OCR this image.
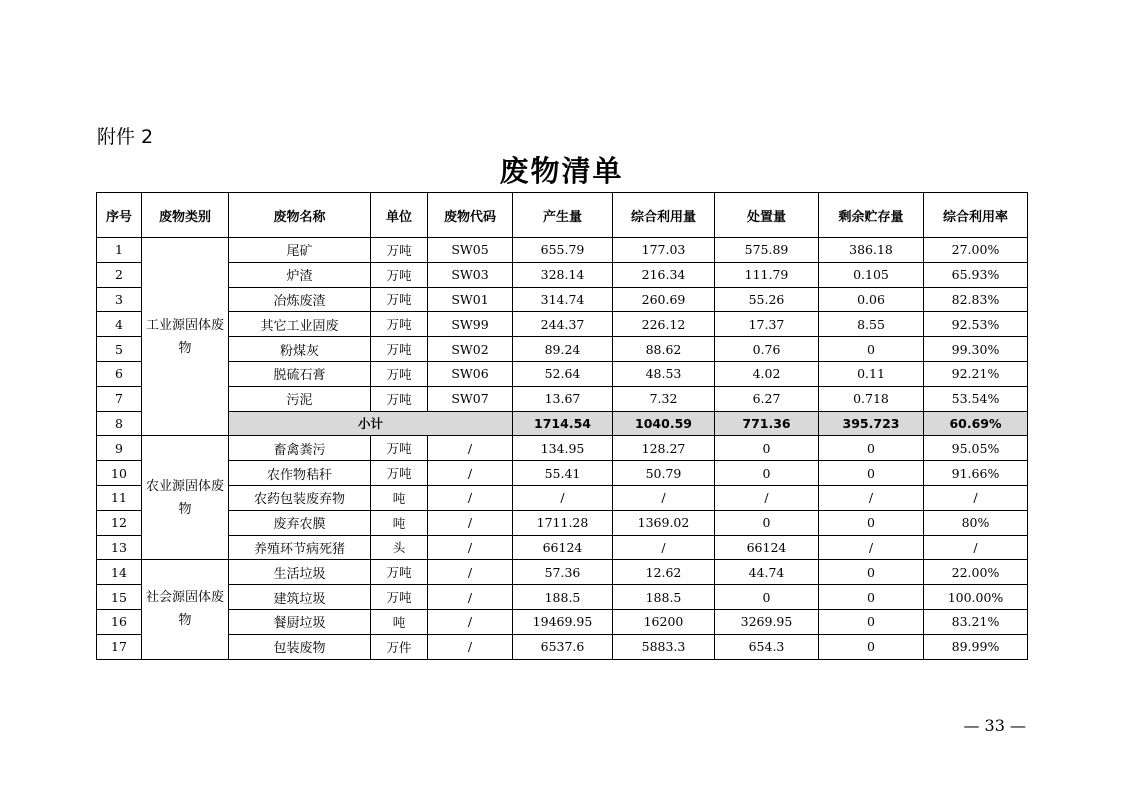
附件 2
废物清单
序号	废物类别	废物名称	单位	废物代码	产生量	综合利用量	处置量	剩余贮存量	综合利用率
1	工业源固体废物	尾矿	万吨	SW05	655.79	177.03	575.89	386.18	27.00%
2		炉渣	万吨	SW03	328.14	216.34	111.79	0.105	65.93%
3		冶炼废渣	万吨	SW01	314.74	260.69	55.26	0.06	82.83%
4		其它工业固废	万吨	SW99	244.37	226.12	17.37	8.55	92.53%
5		粉煤灰	万吨	SW02	89.24	88.62	0.76	0	99.30%
6		脱硫石膏	万吨	SW06	52.64	48.53	4.02	0.11	92.21%
7		污泥	万吨	SW07	13.67	7.32	6.27	0.718	53.54%
8		小计			1714.54	1040.59	771.36	395.723	60.69%
9	农业源固体废物	畜禽粪污	万吨	/	134.95	128.27	0	0	95.05%
10		农作物秸秆	万吨	/	55.41	50.79	0	0	91.66%
11		农药包装废弃物	吨	/	/	/	/	/	/
12		废弃农膜	吨	/	1711.28	1369.02	0	0	80%
13		养殖环节病死猪	头	/	66124	/	66124	/	/
14	社会源固体废物	生活垃圾	万吨	/	57.36	12.62	44.74	0	22.00%
15		建筑垃圾	万吨	/	188.5	188.5	0	0	100.00%
16		餐厨垃圾	吨	/	19469.95	16200	3269.95	0	83.21%
17		包装废物	万件	/	6537.6	5883.3	654.3	0	89.99%
— 33 —
